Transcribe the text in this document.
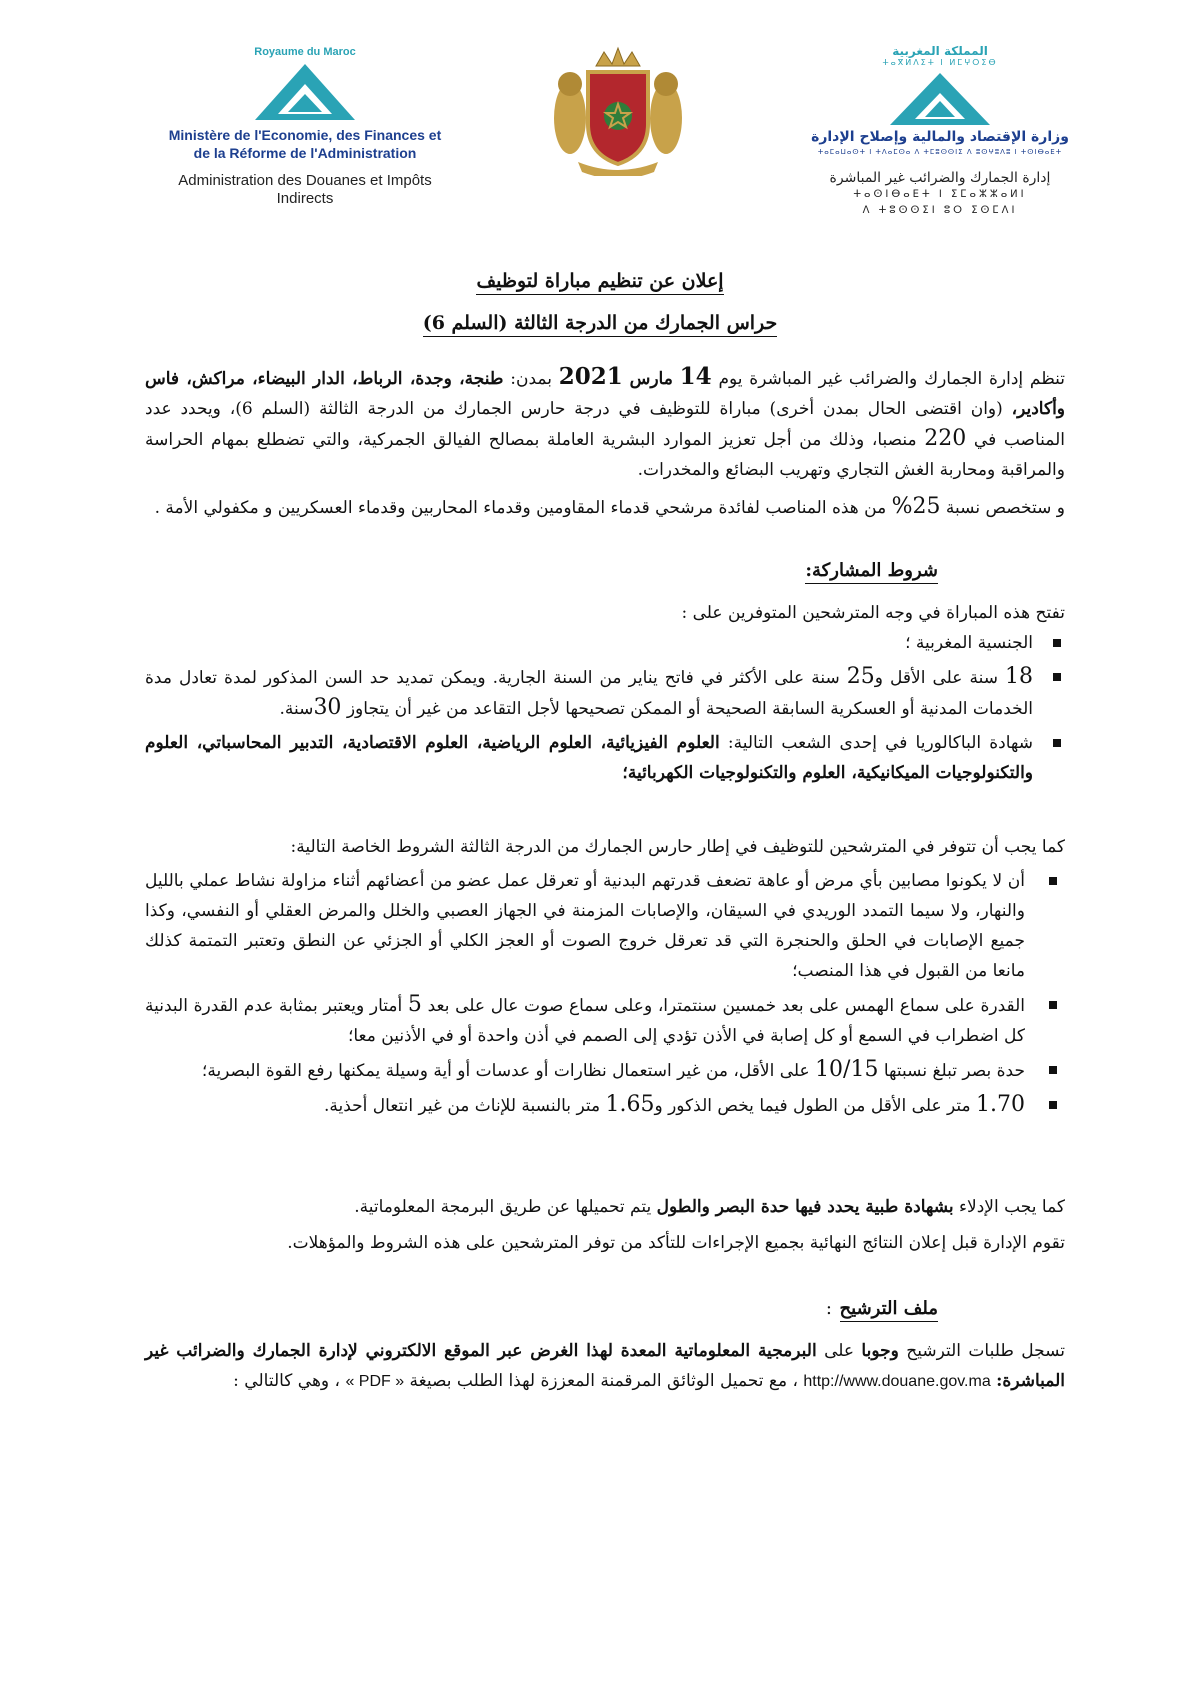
Royaume du Maroc
Ministère de l'Economie, des Finances et de la Réforme de l'Administration
Administration des Douanes et Impôts Indirects
المملكة المغربية
ⵜⴰⴳⵍⴷⵉⵜ ⵏ ⵍⵎⵖⵔⵉⴱ
وزارة الإقتصاد والمالية وإصلاح الإدارة
ⵜⴰⵎⴰⵡⴰⵙⵜ ⵏ ⵜⴷⴰⵎⵙⴰ ⴷ ⵜⵎⵓⵙⵙⵏⵉ ⴷ ⵓⵙⵖⵓⴷⵓ ⵏ ⵜⵙⵏⴱⴰⴹⵜ
إدارة الجمارك والضرائب غير المباشرة
ⵜⴰⵙⵏⴱⴰⴹⵜ ⵏ ⵉⵎⴰⵣⵣⴰⵍⵏ
ⴷ ⵜⵓⵙⵙⵉⵏ ⵓⵔ ⵉⵙⵎⴷⵏ
إعلان عن تنظيم مباراة لتوظيف
حراس الجمارك من الدرجة الثالثة (السلم 6)
تنظم إدارة الجمارك والضرائب غير المباشرة يوم 14 مارس 2021 بمدن: طنجة، وجدة، الرباط، الدار البيضاء، مراكش، فاس وأكادير، (وان اقتضى الحال بمدن أخرى) مباراة للتوظيف في درجة حارس الجمارك من الدرجة الثالثة (السلم 6)، ويحدد عدد المناصب في 220 منصبا، وذلك من أجل تعزيز الموارد البشرية العاملة بمصالح الفيالق الجمركية، والتي تضطلع بمهام الحراسة والمراقبة ومحاربة الغش التجاري وتهريب البضائع والمخدرات.
و ستخصص نسبة 25% من هذه المناصب لفائدة مرشحي قدماء المقاومين وقدماء المحاربين وقدماء العسكريين و مكفولي الأمة .
شروط المشاركة:
تفتح هذه المباراة في وجه المترشحين المتوفرين على :
الجنسية المغربية ؛
18 سنة على الأقل و25 سنة على الأكثر في فاتح يناير من السنة الجارية. ويمكن تمديد حد السن المذكور لمدة تعادل مدة الخدمات المدنية أو العسكرية السابقة الصحيحة أو الممكن تصحيحها لأجل التقاعد من غير أن يتجاوز 30سنة.
شهادة الباكالوريا في إحدى الشعب التالية: العلوم الفيزيائية، العلوم الرياضية، العلوم الاقتصادية، التدبير المحاسباتي، العلوم والتكنولوجيات الميكانيكية، العلوم والتكنولوجيات الكهربائية؛
كما يجب أن تتوفر في المترشحين للتوظيف في إطار حارس الجمارك من الدرجة الثالثة الشروط الخاصة التالية:
أن لا يكونوا مصابين بأي مرض أو عاهة تضعف قدرتهم البدنية أو تعرقل عمل عضو من أعضائهم أثناء مزاولة نشاط عملي بالليل والنهار، ولا سيما التمدد الوريدي في السيقان، والإصابات المزمنة في الجهاز العصبي والخلل والمرض العقلي أو النفسي، وكذا جميع الإصابات في الحلق والحنجرة التي قد تعرقل خروج الصوت أو العجز الكلي أو الجزئي عن النطق وتعتبر التمتمة كذلك مانعا من القبول في هذا المنصب؛
القدرة على سماع الهمس على بعد خمسين سنتمترا، وعلى سماع صوت عال على بعد 5 أمتار ويعتبر بمثابة عدم القدرة البدنية كل اضطراب في السمع أو كل إصابة في الأذن تؤدي إلى الصمم في أذن واحدة أو في الأذنين معا؛
حدة بصر تبلغ نسبتها 10/15 على الأقل، من غير استعمال نظارات أو عدسات أو أية وسيلة يمكنها رفع القوة البصرية؛
1.70 متر على الأقل من الطول فيما يخص الذكور و1.65 متر بالنسبة للإناث من غير انتعال أحذية.
كما يجب الإدلاء بشهادة طبية يحدد فيها حدة البصر والطول يتم تحميلها عن طريق البرمجة المعلوماتية.
تقوم الإدارة قبل إعلان النتائج النهائية بجميع الإجراءات للتأكد من توفر المترشحين على هذه الشروط والمؤهلات.
ملف الترشيح
:
تسجل طلبات الترشيح وجوبا على البرمجية المعلوماتية المعدة لهذا الغرض عبر الموقع الالكتروني لإدارة الجمارك والضرائب غير المباشرة: http://www.douane.gov.ma ، مع تحميل الوثائق المرقمنة المعززة لهذا الطلب بصيغة « PDF » ، وهي كالتالي :
